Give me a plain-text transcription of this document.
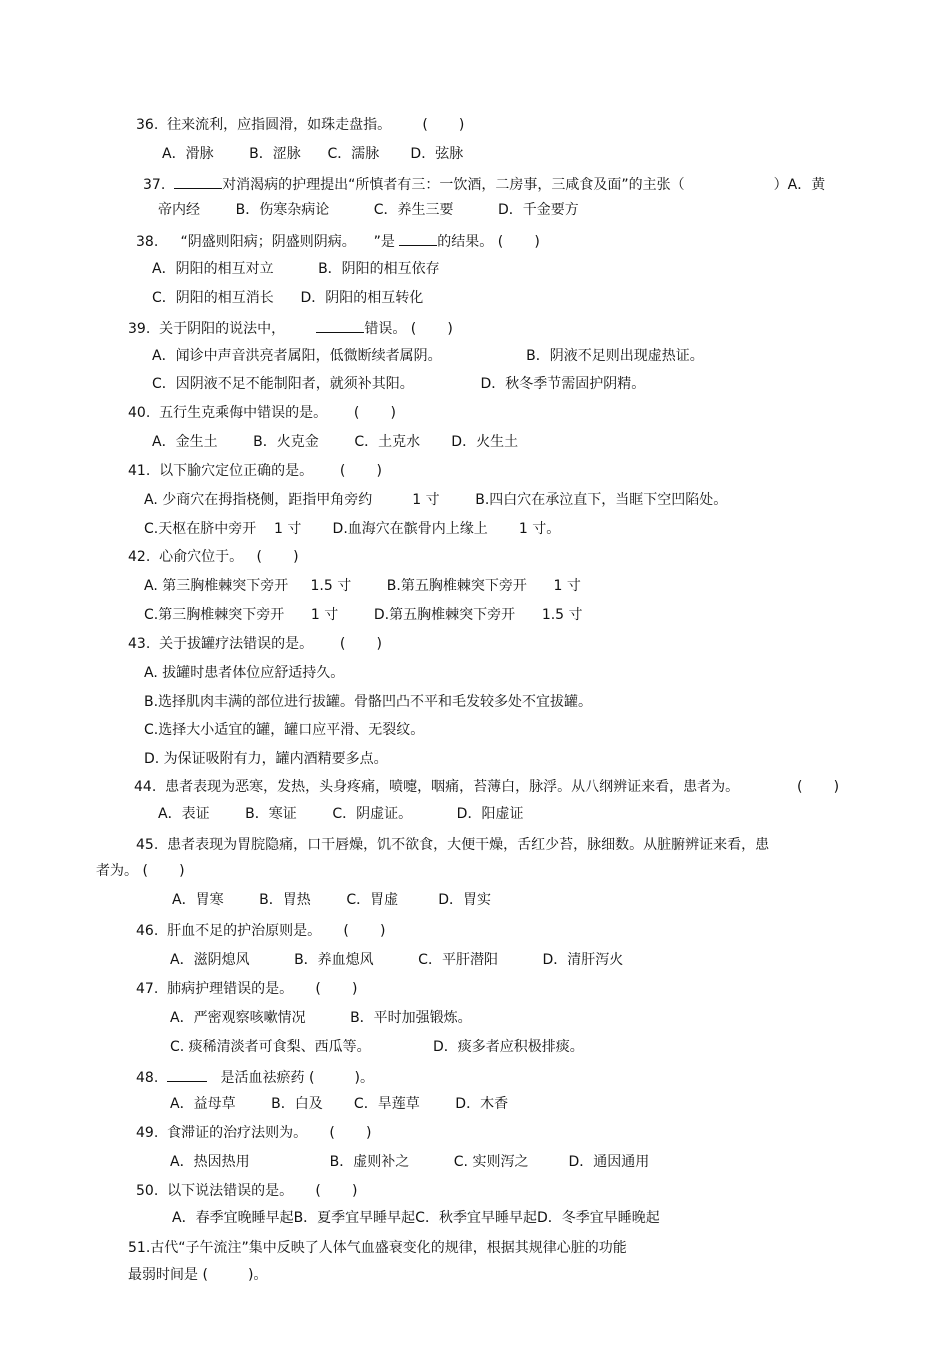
36.  往来流利，应指圆滑，如珠走盘指。       (       )
A．滑脉        B．涩脉      C．濡脉       D．弦脉
37.	对消渴病的护理提出“所慎者有三：一饮酒，二房事，三咸食及面”的主张（                    ）A．黄
帝内经        B．伤寒杂病论          C．养生三要          D．千金要方
38.     “阴盛则阳病；阴盛则阴病。    ”是	的结果。 (       )
A．阴阳的相互对立          B．阴阳的相互依存
C．阴阳的相互消长      D．阴阳的相互转化
39.  关于阴阳的说法中，	错误。 (       )
A．闻诊中声音洪亮者属阳，低微断续者属阴。                   B．阴液不足则出现虚热证。
C．因阴液不足不能制阳者，就须补其阳。               D．秋冬季节需固护阴精。
40.  五行生克乘侮中错误的是。      (       )
A．金生土        B．火克金        C．土克水       D．火生土
41.  以下腧穴定位正确的是。      (       )
A. 少商穴在拇指桡侧，距指甲角旁约         1 寸        B.四白穴在承泣直下，当眶下空凹陷处。
C.天枢在脐中旁开    1 寸       D.血海穴在髌骨内上缘上       1 寸。
42.  心俞穴位于。   (       )
A. 第三胸椎棘突下旁开     1.5 寸        B.第五胸椎棘突下旁开      1 寸
C.第三胸椎棘突下旁开      1 寸        D.第五胸椎棘突下旁开      1.5 寸
43.  关于拔罐疗法错误的是。      (       )
A. 拔罐时患者体位应舒适持久。
B.选择肌肉丰满的部位进行拔罐。骨骼凹凸不平和毛发较多处不宜拔罐。
C.选择大小适宜的罐，罐口应平滑、无裂纹。
D. 为保证吸附有力，罐内酒精要多点。
44.  患者表现为恶寒，发热，头身疼痛，喷嚏，咽痛，苔薄白，脉浮。从八纲辨证来看，患者为。             (       )
A．表证        B．寒证        C．阴虚证。          D．阳虚证
45.  患者表现为胃脘隐痛，口干唇燥，饥不欲食，大便干燥，舌红少苔，脉细数。从脏腑辨证来看，患
者为。 (       )
A．胃寒        B．胃热        C．胃虚         D．胃实
46.  肝血不足的护治原则是。     (       )
A．滋阴熄风          B．养血熄风          C．平肝潜阳          D．清肝泻火
47.  肺病护理错误的是。     (       )
A．严密观察咳嗽情况          B．平时加强锻炼。
C. 痰稀清淡者可食梨、西瓜等。              D．痰多者应积极排痰。
48.	是活血祛瘀药 (         )。
A．益母草        B．白及       C．旱莲草        D．木香
49.  食滞证的治疗法则为。     (       )
A．热因热用                  B．虚则补之          C. 实则泻之         D．通因通用
50.  以下说法错误的是。     (       )
A．春季宜晚睡早起B．夏季宜早睡早起C．秋季宜早睡早起D．冬季宜早睡晚起
51.古代“子午流注”集中反映了人体气血盛衰变化的规律，根据其规律心脏的功能
最弱时间是 (         )。
